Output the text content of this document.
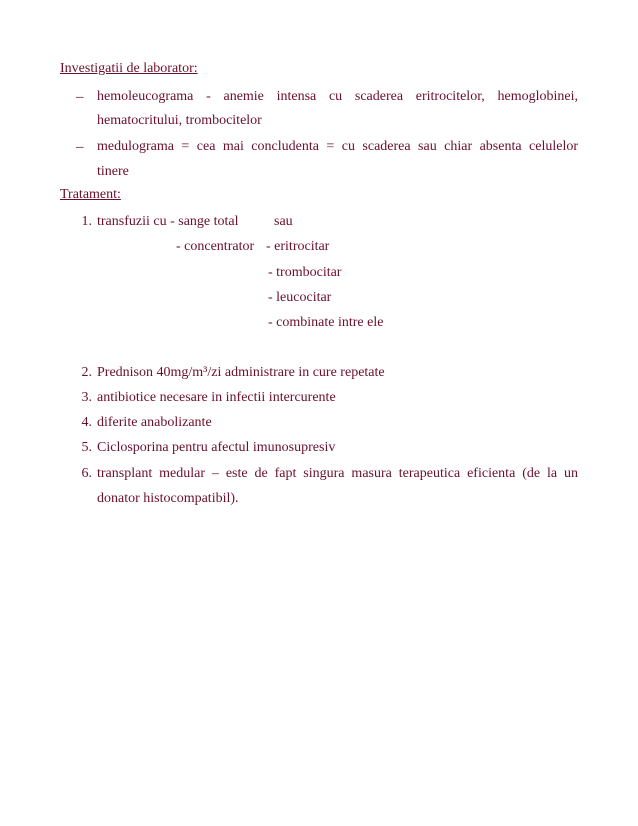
Investigatii de laborator:
– hemoleucograma - anemie intensa cu scaderea eritrocitelor, hemoglobinei,
hematocritului, trombocitelor
– medulograma = cea mai concludenta = cu scaderea sau chiar absenta celulelor
tinere
Tratament:
1. transfuzii cu - sange total	sau
- concentrator - eritrocitar
- trombocitar
- leucocitar
- combinate intre ele
2. Prednison 40mg/m³/zi administrare in cure repetate
3. antibiotice necesare in infectii intercurente
4. diferite anabolizante
5. Ciclosporina pentru afectul imunosupresiv
6. transplant medular – este de fapt singura masura terapeutica eficienta (de la un
donator histocompatibil).
